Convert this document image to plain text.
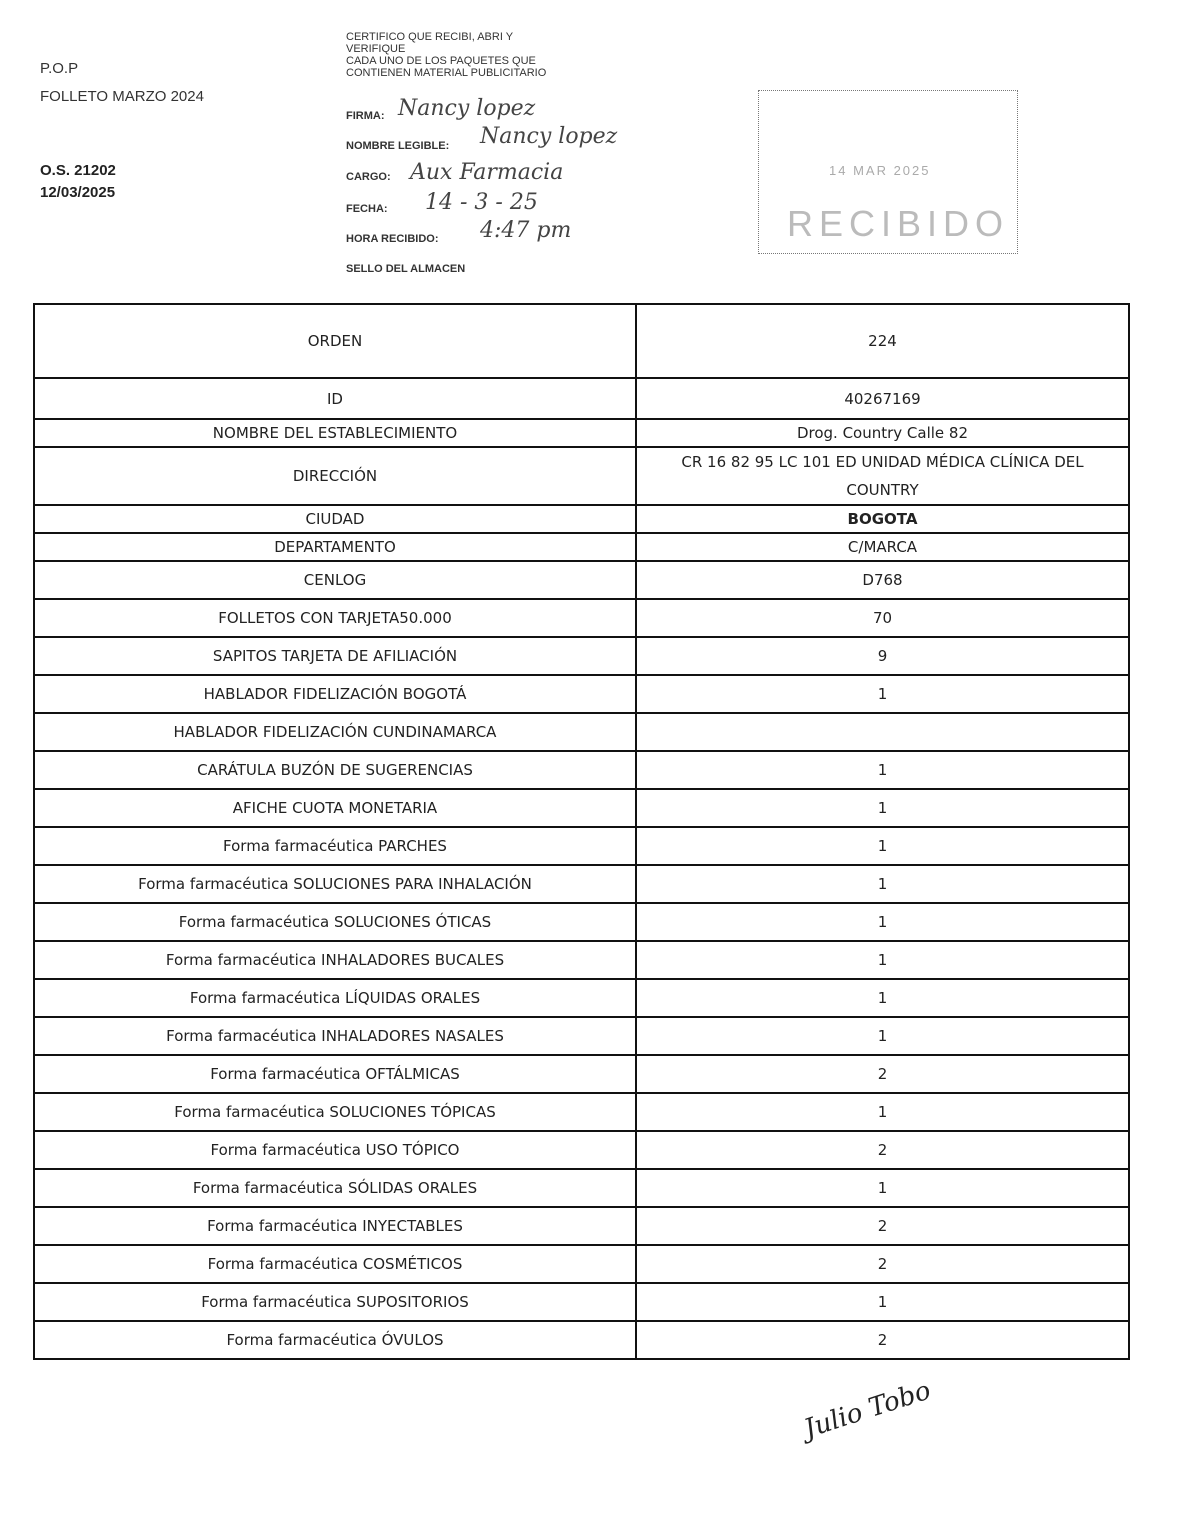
P.O.P
FOLLETO MARZO 2024
O.S. 21202
12/03/2025
CERTIFICO QUE RECIBI, ABRI Y
VERIFIQUE
CADA UNO DE LOS PAQUETES QUE
CONTIENEN MATERIAL PUBLICITARIO
FIRMA: Nancy lopez
NOMBRE LEGIBLE: Nancy lopez
CARGO: Aux Farmacia
FECHA: 14 - 3 - 25
HORA RECIBIDO: 4:47 pm
SELLO DEL ALMACEN
14 MAR 2025
RECIBIDO
ORDEN	224
ID	40267169
NOMBRE DEL ESTABLECIMIENTO	Drog. Country Calle 82
DIRECCIÓN	CR 16 82 95 LC 101 ED UNIDAD MÉDICA CLÍNICA DEL COUNTRY
CIUDAD	BOGOTA
DEPARTAMENTO	C/MARCA
CENLOG	D768
FOLLETOS CON TARJETA50.000	70
SAPITOS TARJETA DE AFILIACIÓN	9
HABLADOR FIDELIZACIÓN BOGOTÁ	1
HABLADOR FIDELIZACIÓN CUNDINAMARCA	
CARÁTULA BUZÓN DE SUGERENCIAS	1
AFICHE CUOTA MONETARIA	1
Forma farmacéutica PARCHES	1
Forma farmacéutica SOLUCIONES PARA INHALACIÓN	1
Forma farmacéutica SOLUCIONES ÓTICAS	1
Forma farmacéutica INHALADORES BUCALES	1
Forma farmacéutica LÍQUIDAS ORALES	1
Forma farmacéutica INHALADORES NASALES	1
Forma farmacéutica OFTÁLMICAS	2
Forma farmacéutica SOLUCIONES TÓPICAS	1
Forma farmacéutica USO TÓPICO	2
Forma farmacéutica SÓLIDAS ORALES	1
Forma farmacéutica INYECTABLES	2
Forma farmacéutica COSMÉTICOS	2
Forma farmacéutica SUPOSITORIOS	1
Forma farmacéutica ÓVULOS	2
Julio Tobo
